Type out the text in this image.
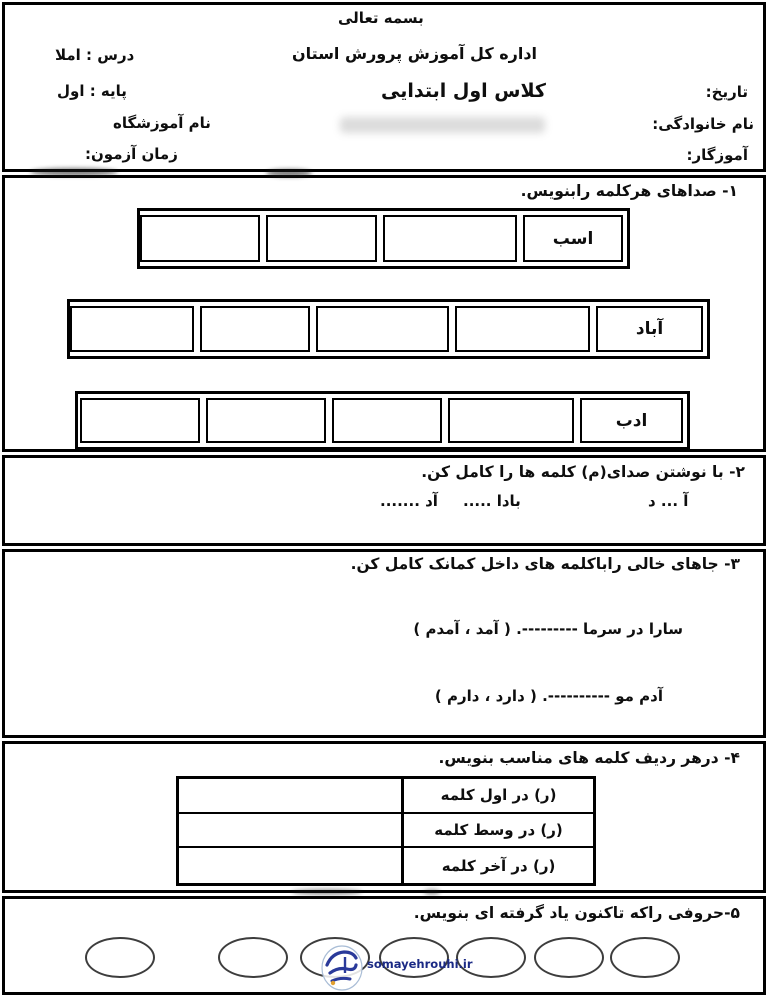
بسمه تعالی
اداره کل آموزش پرورش استان
کلاس اول ابتدایی
درس : املا
پایه : اول
نام آموزشگاه
زمان آزمون:
تاریخ:
نام خانوادگی:
آموزگار:
۱- صداهای هرکلمه رابنویس.
۲- با نوشتن صدای(م) کلمه ها را کامل کن.
۳- جاهای خالی راباکلمه های داخل کمانک کامل کن.
۴- درهر ردیف کلمه های مناسب بنویس.
۵-حروفی راکه تاکنون یاد گرفته ای بنویس.
اسب
آباد
ادب
آ ... د
بادا .....
آد .......
سارا در سرما ---------. ( آمد ، آمدم )
آدم مو ----------. ( دارد ، دارم )
(ر) در اول کلمه
(ر) در وسط کلمه
(ر) در آخر کلمه
somayehrouhi.ir
